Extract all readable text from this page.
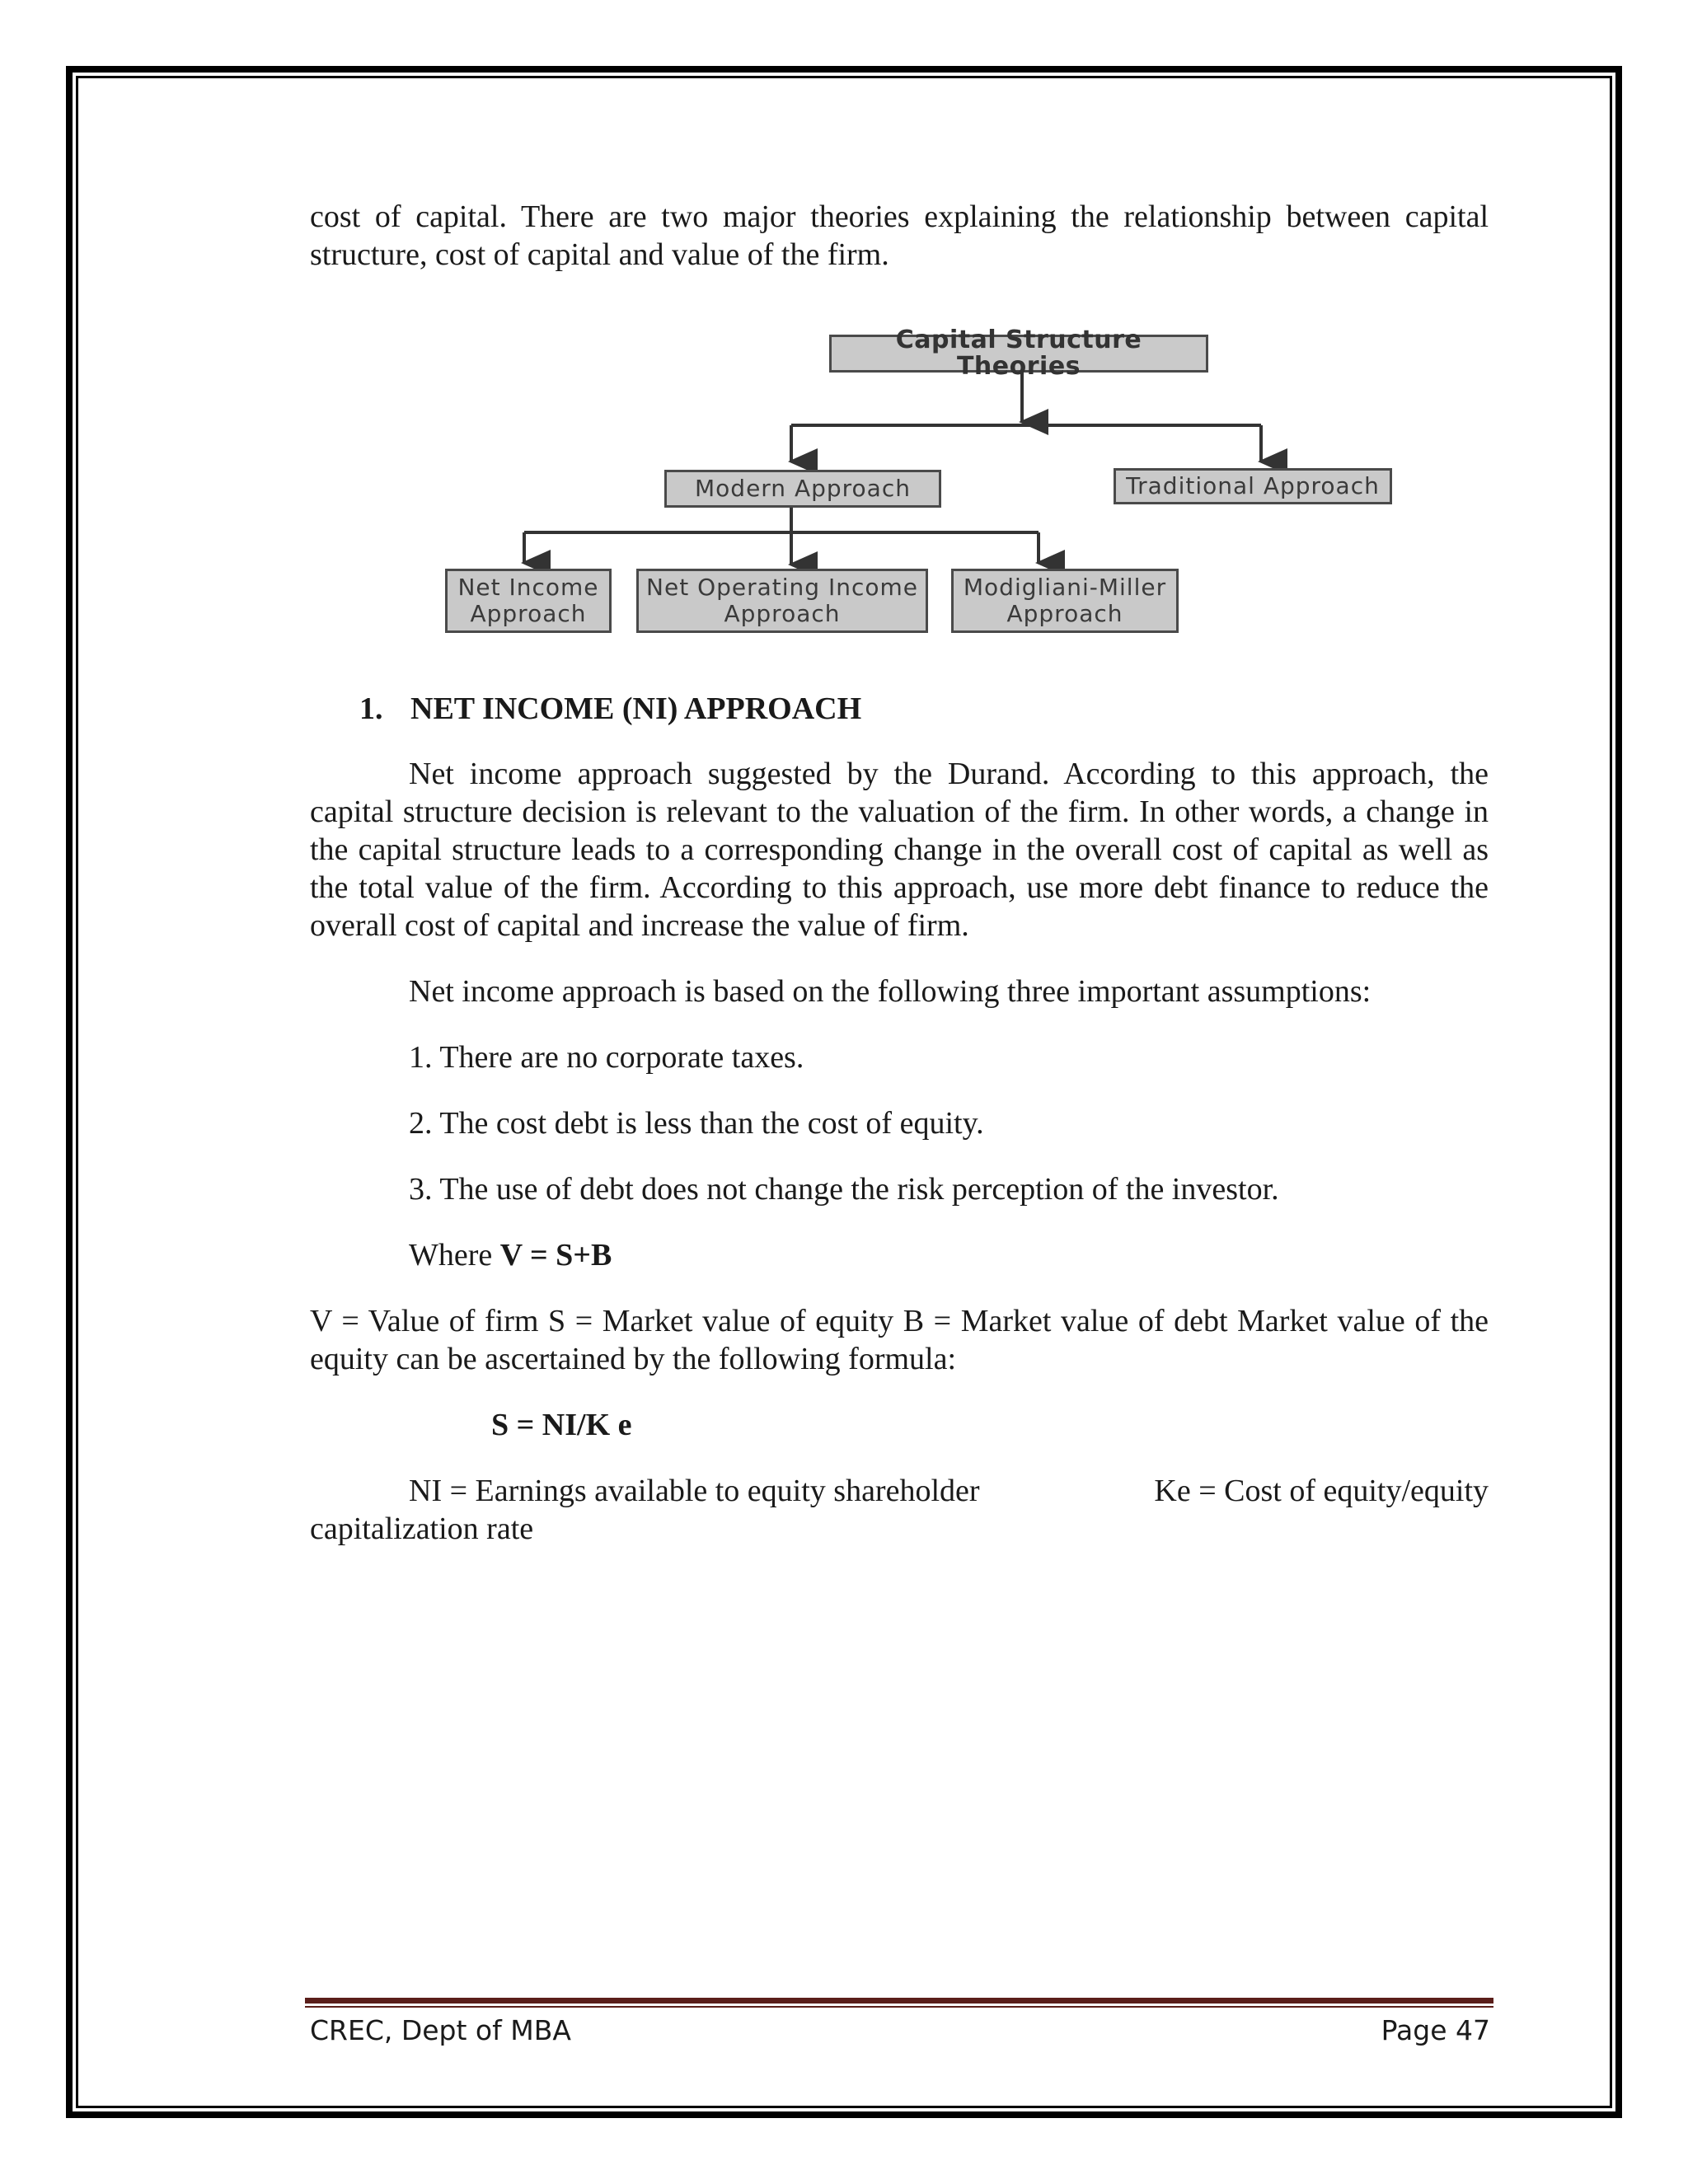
cost of capital. There are two major theories explaining the relationship between capital structure, cost of capital and value of the firm.

Capital Structure Theories
Modern Approach	Traditional Approach
Net Income
Approach
Net Operating Income
Approach
Modigliani-Miller
Approach
1. NET INCOME (NI) APPROACH

Net income approach suggested by the Durand. According to this approach, the capital structure decision is relevant to the valuation of the firm. In other words, a change in the capital structure leads to a corresponding change in the overall cost of capital as well as the total value of the firm. According to this approach, use more debt finance to reduce the overall cost of capital and increase the value of firm.

Net income approach is based on the following three important assumptions:

1. There are no corporate taxes.

2. The cost debt is less than the cost of equity.

3. The use of debt does not change the risk perception of the investor.

Where V = S+B

V = Value of firm S = Market value of equity B = Market value of debt Market value of the equity can be ascertained by the following formula:

S = NI/K e

NI = Earnings available to equity shareholder	Ke = Cost of equity/equity

capitalization rate

CREC, Dept of MBA	Page 47
